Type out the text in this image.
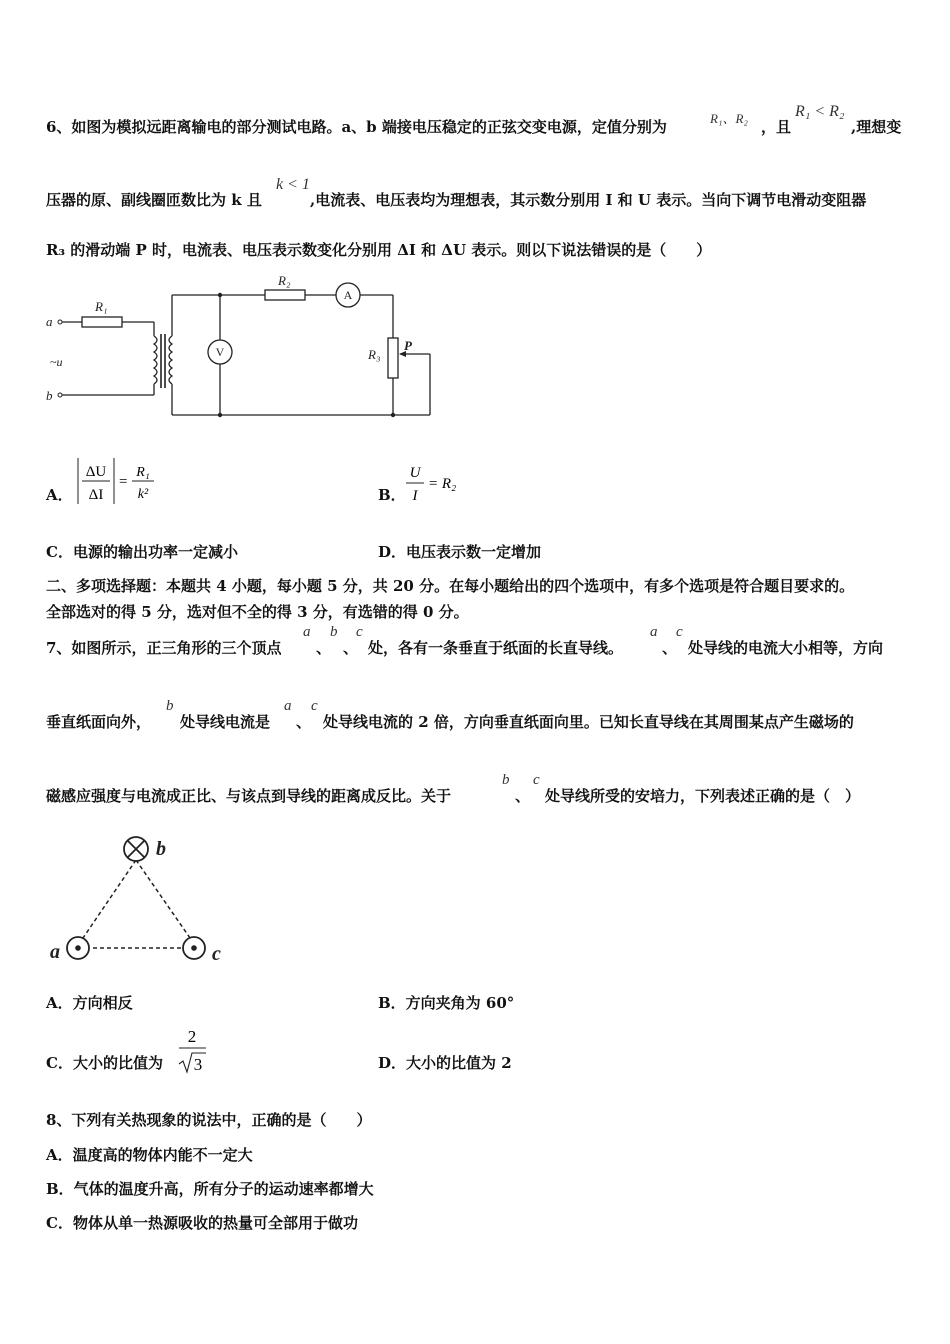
6、如图为模拟远距离输电的部分测试电路。a、b 端接电压稳定的正弦交变电源，定值分别为	R₁、R₂ ，且
R₁ < R₂
,理想变
压器的原、副线圈匝数比为 k 且
k < 1
,电流表、电压表均为理想表，其示数分别用 I 和 U 表示。当向下调节电滑动变阻器
R₃ 的滑动端 P 时，电流表、电压表示数变化分别用 ΔI 和 ΔU 表示。则以下说法错误的是（　　）
a
b
~u
R₁
R₂
R₃
P
A
V
A．
ΔU
ΔI
=
R₁
k²	B．
U
I
= R₂
C．电源的输出功率一定减小	D．电压表示数一定增加
二、多项选择题：本题共 4 小题，每小题 5 分，共 20 分。在每小题给出的四个选项中，有多个选项是符合题目要求的。
全部选对的得 5 分，选对但不全的得 3 分，有选错的得 0 分。
7、如图所示，正三角形的三个顶点
a
、
b
、
c
处，各有一条垂直于纸面的长直导线。
a
、
c
处导线的电流大小相等，方向
垂直纸面向外，
b
处导线电流是
a
、
c
处导线电流的 2 倍，方向垂直纸面向里。已知长直导线在其周围某点产生磁场的
磁感应强度与电流成正比、与该点到导线的距离成反比。关于
b
、
c
处导线所受的安培力，下列表述正确的是（　）
b
a	c
A．方向相反	B．方向夹角为 60°
C．大小的比值为
2
3	D．大小的比值为 2
8、下列有关热现象的说法中，正确的是（　　）
A．温度高的物体内能不一定大
B．气体的温度升高，所有分子的运动速率都增大
C．物体从单一热源吸收的热量可全部用于做功
